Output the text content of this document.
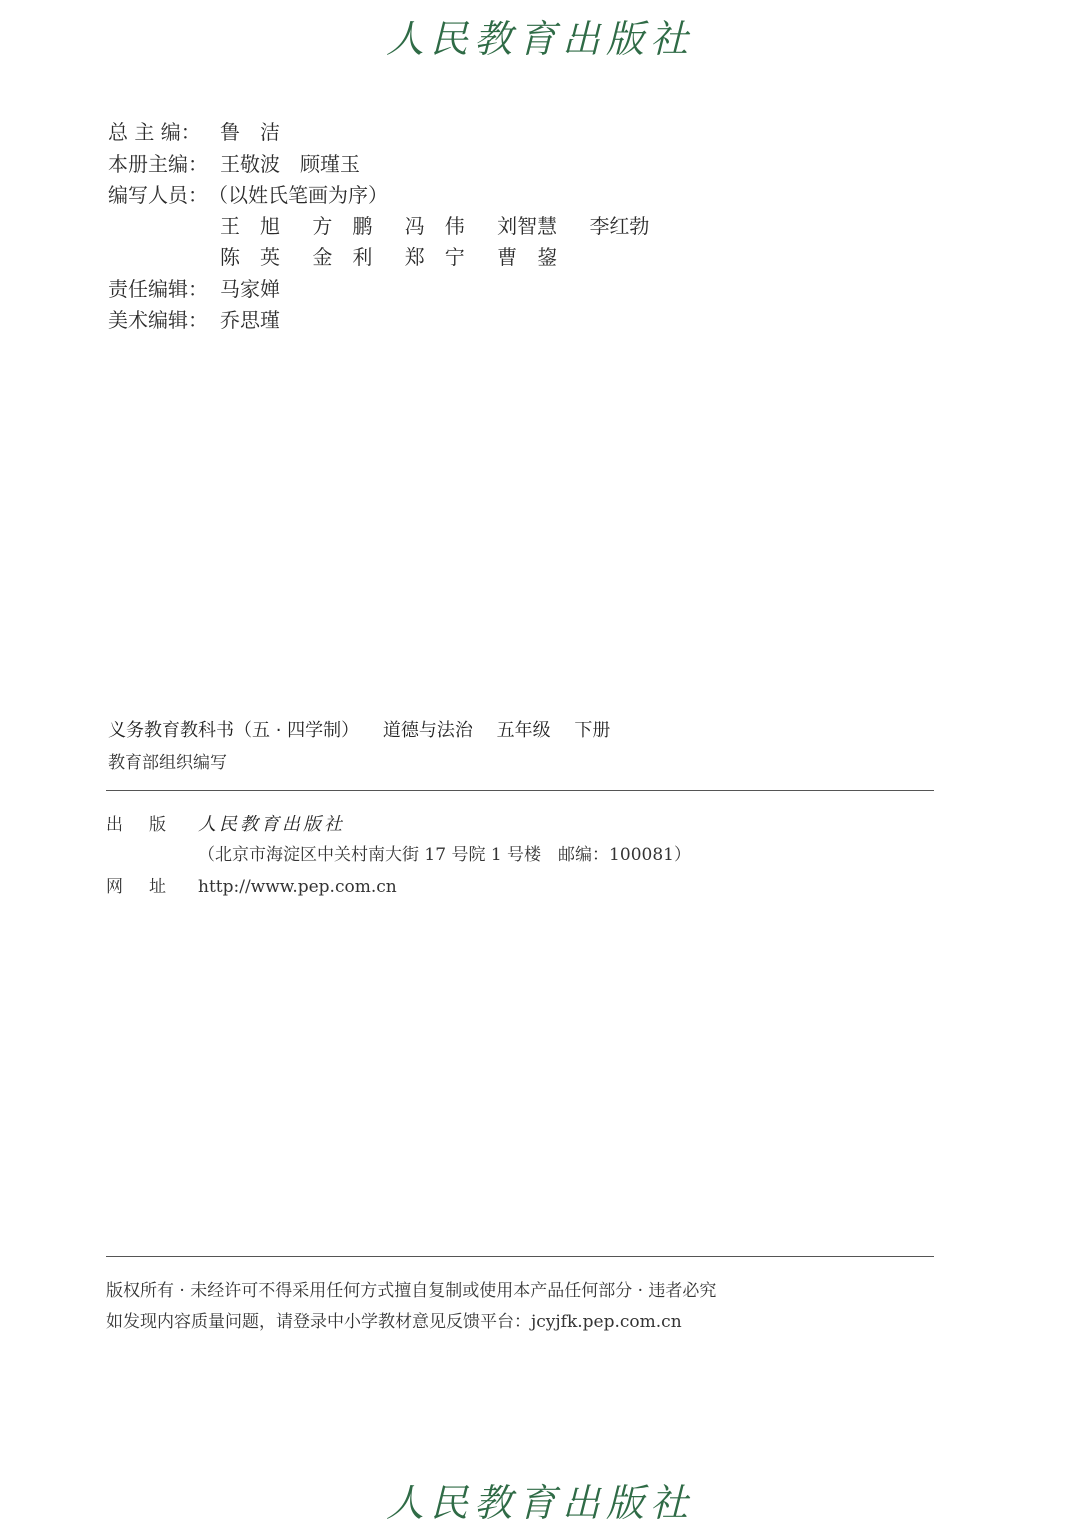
人民教育出版社
总 主 编： 鲁　洁
本册主编： 王敬波　顾瑾玉
编写人员： （以姓氏笔画为序）
王　旭 方　鹏 冯　伟 刘智慧 李红勃
陈　英 金　利 郑　宁 曹　鋆
责任编辑： 马家婵
美术编辑： 乔思瑾
义务教育教科书（五 · 四学制） 道德与法治 五年级 下册
教育部组织编写
出版 人民教育出版社
（北京市海淀区中关村南大街 17 号院 1 号楼　邮编：100081）
网址 http://www.pep.com.cn
版权所有 · 未经许可不得采用任何方式擅自复制或使用本产品任何部分 · 违者必究
如发现内容质量问题，请登录中小学教材意见反馈平台：jcyjfk.pep.com.cn
人民教育出版社
